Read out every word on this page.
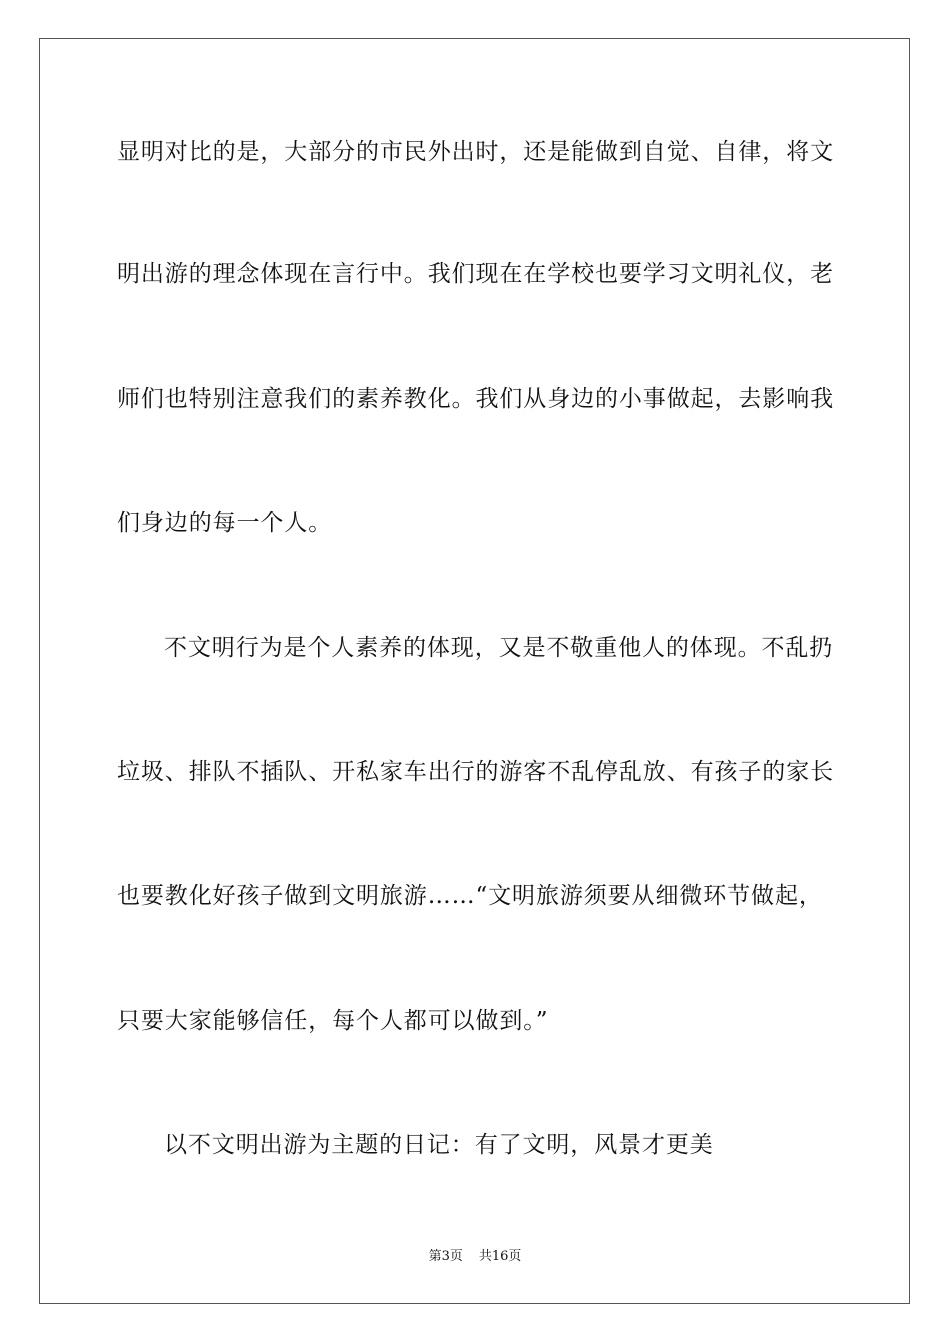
显明对比的是，大部分的市民外出时，还是能做到自觉、自律，将文
明出游的理念体现在言行中。我们现在在学校也要学习文明礼仪，老
师们也特别注意我们的素养教化。我们从身边的小事做起，去影响我
们身边的每一个人。
不文明行为是个人素养的体现，又是不敬重他人的体现。不乱扔
垃圾、排队不插队、开私家车出行的游客不乱停乱放、有孩子的家长
也要教化好孩子做到文明旅游……“文明旅游须要从细微环节做起，
只要大家能够信任，每个人都可以做到。”
以不文明出游为主题的日记：有了文明，风景才更美
第3页 共16页
